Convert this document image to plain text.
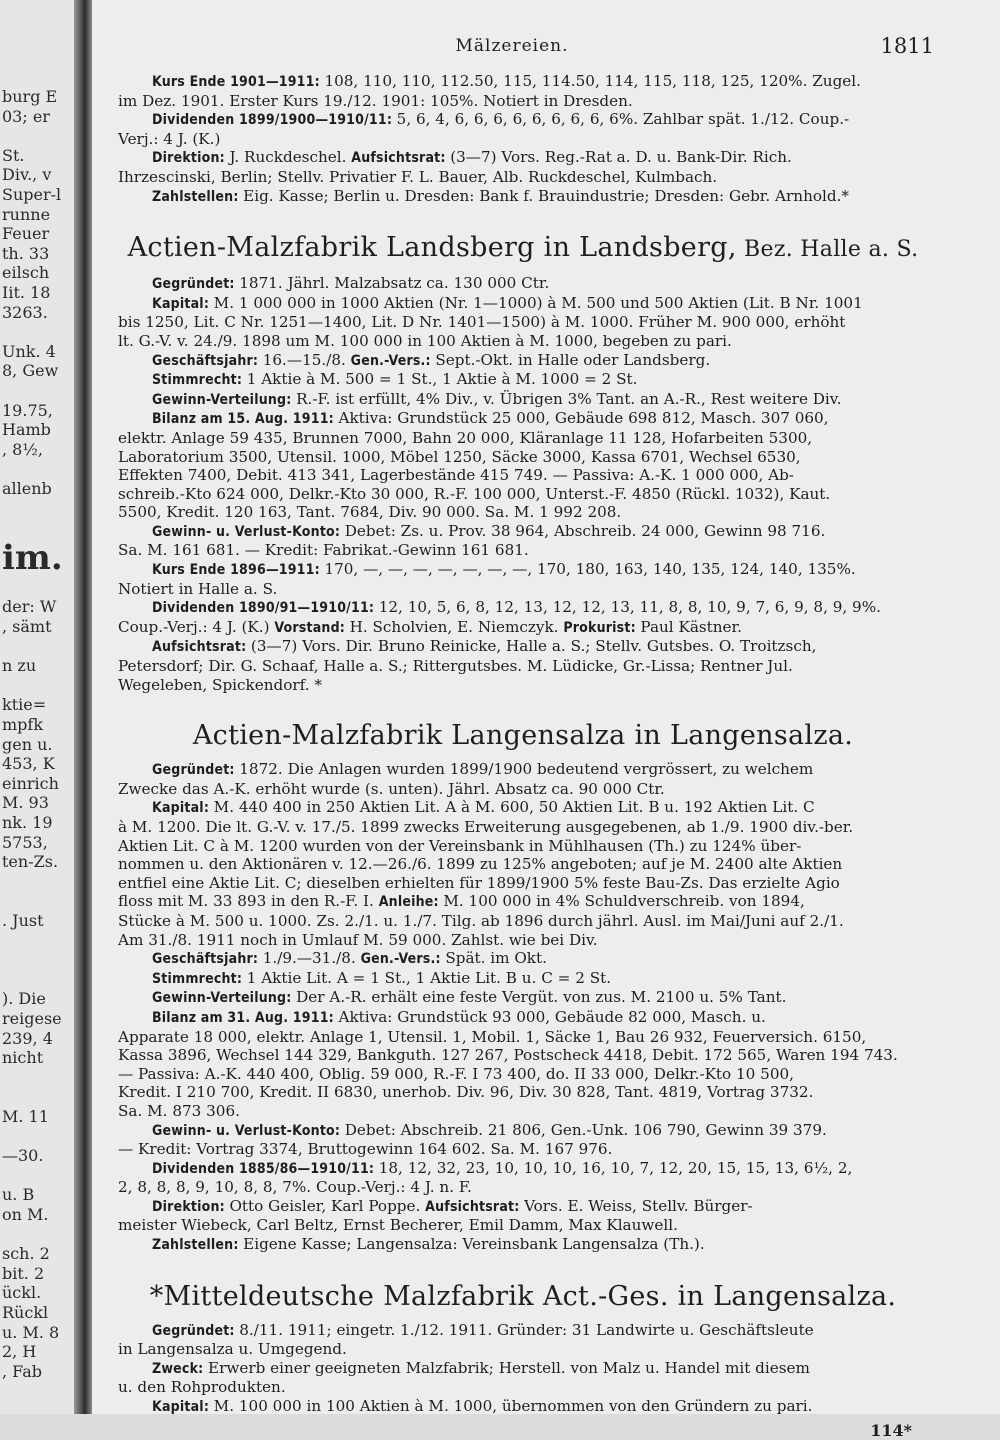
burg E
03; er
St.
Div., v
Super-l
runne
Feuer
th. 33
eilsch
Iit. 18
3263.
Unk. 4
8, Gew
19.75,
Hamb
, 8½,
allenb
im.
der: W
, sämt
n zu
ktie=
mpfk
gen u.
453, K
einrich
M. 93
nk. 19
5753,
ten-Zs.
. Just
). Die
reigese
239, 4
nicht
M. 11
—30.
u. B
on M.
sch. 2
bit. 2
ückl.
Rückl
u. M. 8
2, H
, Fab
Mälzereien.	1811
Kurs Ende 1901—1911: 108, 110, 110, 112.50, 115, 114.50, 114, 115, 118, 125, 120%. Zugel.
im Dez. 1901. Erster Kurs 19./12. 1901: 105%. Notiert in Dresden.
Dividenden 1899/1900—1910/11: 5, 6, 4, 6, 6, 6, 6, 6, 6, 6, 6, 6%. Zahlbar spät. 1./12. Coup.-
Verj.: 4 J. (K.)
Direktion: J. Ruckdeschel. Aufsichtsrat: (3—7) Vors. Reg.-Rat a. D. u. Bank-Dir. Rich.
Ihrzescinski, Berlin; Stellv. Privatier F. L. Bauer, Alb. Ruckdeschel, Kulmbach.
Zahlstellen: Eig. Kasse; Berlin u. Dresden: Bank f. Brauindustrie; Dresden: Gebr. Arnhold.*
Actien-Malzfabrik Landsberg in Landsberg, Bez. Halle a. S.
Gegründet: 1871. Jährl. Malzabsatz ca. 130 000 Ctr.
Kapital: M. 1 000 000 in 1000 Aktien (Nr. 1—1000) à M. 500 und 500 Aktien (Lit. B Nr. 1001
bis 1250, Lit. C Nr. 1251—1400, Lit. D Nr. 1401—1500) à M. 1000. Früher M. 900 000, erhöht
lt. G.-V. v. 24./9. 1898 um M. 100 000 in 100 Aktien à M. 1000, begeben zu pari.
Geschäftsjahr: 16.—15./8. Gen.-Vers.: Sept.-Okt. in Halle oder Landsberg.
Stimmrecht: 1 Aktie à M. 500 = 1 St., 1 Aktie à M. 1000 = 2 St.
Gewinn-Verteilung: R.-F. ist erfüllt, 4% Div., v. Übrigen 3% Tant. an A.-R., Rest weitere Div.
Bilanz am 15. Aug. 1911: Aktiva: Grundstück 25 000, Gebäude 698 812, Masch. 307 060,
elektr. Anlage 59 435, Brunnen 7000, Bahn 20 000, Kläranlage 11 128, Hofarbeiten 5300,
Laboratorium 3500, Utensil. 1000, Möbel 1250, Säcke 3000, Kassa 6701, Wechsel 6530,
Effekten 7400, Debit. 413 341, Lagerbestände 415 749. — Passiva: A.-K. 1 000 000, Ab-
schreib.-Kto 624 000, Delkr.-Kto 30 000, R.-F. 100 000, Unterst.-F. 4850 (Rückl. 1032), Kaut.
5500, Kredit. 120 163, Tant. 7684, Div. 90 000. Sa. M. 1 992 208.
Gewinn- u. Verlust-Konto: Debet: Zs. u. Prov. 38 964, Abschreib. 24 000, Gewinn 98 716.
Sa. M. 161 681. — Kredit: Fabrikat.-Gewinn 161 681.
Kurs Ende 1896—1911: 170, —, —, —, —, —, —, —, 170, 180, 163, 140, 135, 124, 140, 135%.
Notiert in Halle a. S.
Dividenden 1890/91—1910/11: 12, 10, 5, 6, 8, 12, 13, 12, 12, 13, 11, 8, 8, 10, 9, 7, 6, 9, 8, 9, 9%.
Coup.-Verj.: 4 J. (K.) Vorstand: H. Scholvien, E. Niemczyk. Prokurist: Paul Kästner.
Aufsichtsrat: (3—7) Vors. Dir. Bruno Reinicke, Halle a. S.; Stellv. Gutsbes. O. Troitzsch,
Petersdorf; Dir. G. Schaaf, Halle a. S.; Rittergutsbes. M. Lüdicke, Gr.-Lissa; Rentner Jul.
Wegeleben, Spickendorf. *
Actien-Malzfabrik Langensalza in Langensalza.
Gegründet: 1872. Die Anlagen wurden 1899/1900 bedeutend vergrössert, zu welchem
Zwecke das A.-K. erhöht wurde (s. unten). Jährl. Absatz ca. 90 000 Ctr.
Kapital: M. 440 400 in 250 Aktien Lit. A à M. 600, 50 Aktien Lit. B u. 192 Aktien Lit. C
à M. 1200. Die lt. G.-V. v. 17./5. 1899 zwecks Erweiterung ausgegebenen, ab 1./9. 1900 div.-ber.
Aktien Lit. C à M. 1200 wurden von der Vereinsbank in Mühlhausen (Th.) zu 124% über-
nommen u. den Aktionären v. 12.—26./6. 1899 zu 125% angeboten; auf je M. 2400 alte Aktien
entfiel eine Aktie Lit. C; dieselben erhielten für 1899/1900 5% feste Bau-Zs. Das erzielte Agio
floss mit M. 33 893 in den R.-F. I. Anleihe: M. 100 000 in 4% Schuldverschreib. von 1894,
Stücke à M. 500 u. 1000. Zs. 2./1. u. 1./7. Tilg. ab 1896 durch jährl. Ausl. im Mai/Juni auf 2./1.
Am 31./8. 1911 noch in Umlauf M. 59 000. Zahlst. wie bei Div.
Geschäftsjahr: 1./9.—31./8. Gen.-Vers.: Spät. im Okt.
Stimmrecht: 1 Aktie Lit. A = 1 St., 1 Aktie Lit. B u. C = 2 St.
Gewinn-Verteilung: Der A.-R. erhält eine feste Vergüt. von zus. M. 2100 u. 5% Tant.
Bilanz am 31. Aug. 1911: Aktiva: Grundstück 93 000, Gebäude 82 000, Masch. u.
Apparate 18 000, elektr. Anlage 1, Utensil. 1, Mobil. 1, Säcke 1, Bau 26 932, Feuerversich. 6150,
Kassa 3896, Wechsel 144 329, Bankguth. 127 267, Postscheck 4418, Debit. 172 565, Waren 194 743.
— Passiva: A.-K. 440 400, Oblig. 59 000, R.-F. I 73 400, do. II 33 000, Delkr.-Kto 10 500,
Kredit. I 210 700, Kredit. II 6830, unerhob. Div. 96, Div. 30 828, Tant. 4819, Vortrag 3732.
Sa. M. 873 306.
Gewinn- u. Verlust-Konto: Debet: Abschreib. 21 806, Gen.-Unk. 106 790, Gewinn 39 379.
— Kredit: Vortrag 3374, Bruttogewinn 164 602. Sa. M. 167 976.
Dividenden 1885/86—1910/11: 18, 12, 32, 23, 10, 10, 10, 16, 10, 7, 12, 20, 15, 15, 13, 6½, 2,
2, 8, 8, 8, 9, 10, 8, 8, 7%. Coup.-Verj.: 4 J. n. F.
Direktion: Otto Geisler, Karl Poppe. Aufsichtsrat: Vors. E. Weiss, Stellv. Bürger-
meister Wiebeck, Carl Beltz, Ernst Becherer, Emil Damm, Max Klauwell.
Zahlstellen: Eigene Kasse; Langensalza: Vereinsbank Langensalza (Th.).
*Mitteldeutsche Malzfabrik Act.-Ges. in Langensalza.
Gegründet: 8./11. 1911; eingetr. 1./12. 1911. Gründer: 31 Landwirte u. Geschäftsleute
in Langensalza u. Umgegend.
Zweck: Erwerb einer geeigneten Malzfabrik; Herstell. von Malz u. Handel mit diesem
u. den Rohprodukten.
Kapital: M. 100 000 in 100 Aktien à M. 1000, übernommen von den Gründern zu pari.
114*
